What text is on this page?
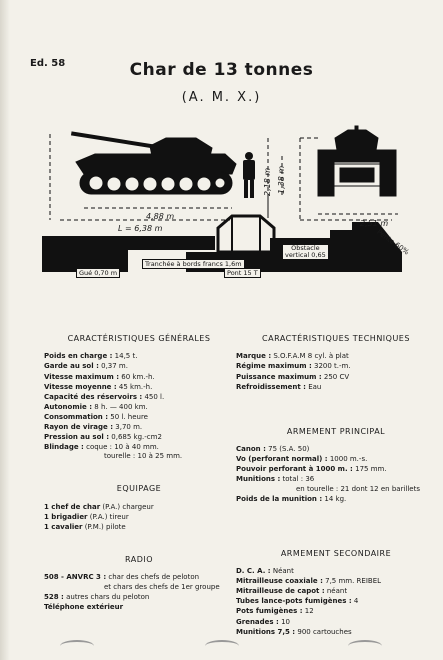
Ed. 58	Char de 13 tonnes
(A. M. X.)
4,88 m
L = 6,38 m
2,18 m 1,38 m
2,51 m
Gué 0,70 m
Tranchée à bords francs 1,6m
Pont 15 T
Obstacle
vertical 0,65	Pente 60%
CARACTÉRISTIQUES GÉNÉRALES
Poids en charge : 14,5 t.
Garde au sol : 0,37 m.
Vitesse maximum : 60 km.-h.
Vitesse moyenne : 45 km.-h.
Capacité des réservoirs : 450 l.
Autonomie : 8 h. — 400 km.
Consommation : 50 l. heure
Rayon de virage : 3,70 m.
Pression au sol : 0,685 kg.-cm2
Blindage : coque : 10 à 40 mm.
tourelle : 10 à 25 mm.
EQUIPAGE
1 chef de char (P.A.) chargeur
1 brigadier (P.A.) tireur
1 cavalier (P.M.) pilote
RADIO
508 - ANVRC 3 : char des chefs de peloton
et chars des chefs de 1er groupe
528 : autres chars du peloton
Téléphone extérieur
CARACTÉRISTIQUES TECHNIQUES
Marque : S.O.F.A.M 8 cyl. à plat
Régime maximum : 3200 t.-m.
Puissance maximum : 250 CV
Refroidissement : Eau
ARMEMENT PRINCIPAL
Canon : 75 (S.A. 50)
Vo (perforant normal) : 1000 m.-s.
Pouvoir perforant à 1000 m. : 175 mm.
Munitions : total : 36
en tourelle : 21 dont 12 en barillets
Poids de la munition : 14 kg.
ARMEMENT SECONDAIRE
D. C. A. : Néant
Mitrailleuse coaxiale : 7,5 mm. REIBEL
Mitrailleuse de capot : néant
Tubes lance-pots fumigènes : 4
Pots fumigènes : 12
Grenades : 10
Munitions 7,5 : 900 cartouches
